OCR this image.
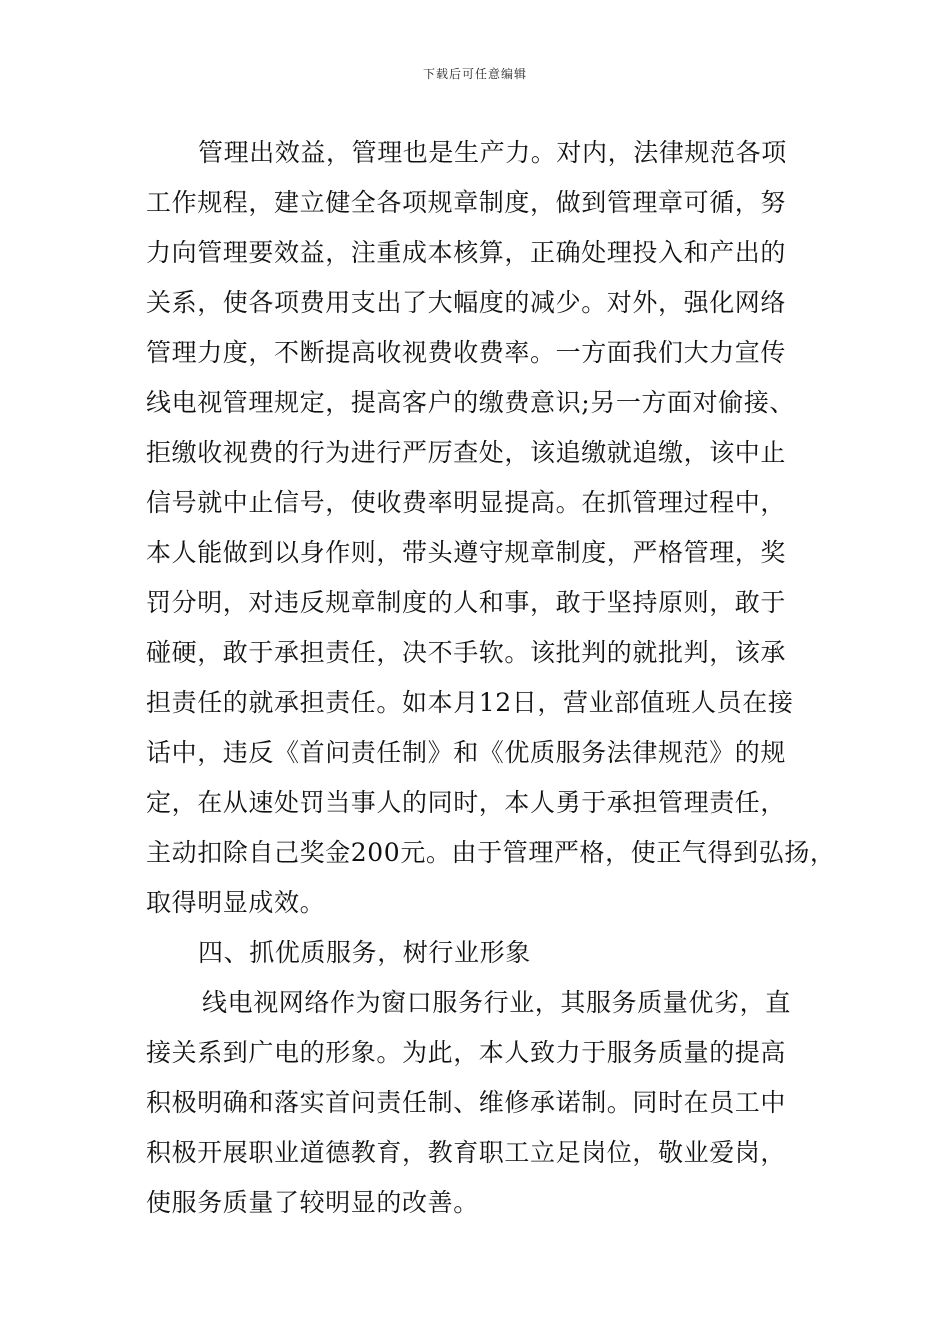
下载后可任意编辑
管理出效益，管理也是生产力。对内，法律规范各项
工作规程，建立健全各项规章制度，做到管理章可循，努
力向管理要效益，注重成本核算，正确处理投入和产出的
关系，使各项费用支出了大幅度的减少。对外，强化网络
管理力度，不断提高收视费收费率。一方面我们大力宣传
线电视管理规定，提高客户的缴费意识;另一方面对偷接、
拒缴收视费的行为进行严厉查处，该追缴就追缴，该中止
信号就中止信号，使收费率明显提高。在抓管理过程中，
本人能做到以身作则，带头遵守规章制度，严格管理，奖
罚分明，对违反规章制度的人和事，敢于坚持原则，敢于
碰硬，敢于承担责任，决不手软。该批判的就批判，该承
担责任的就承担责任。如本月12日，营业部值班人员在接
话中，违反《首问责任制》和《优质服务法律规范》的规
定，在从速处罚当事人的同时，本人勇于承担管理责任，
主动扣除自己奖金200元。由于管理严格，使正气得到弘扬，
取得明显成效。
四、抓优质服务，树行业形象
线电视网络作为窗口服务行业，其服务质量优劣，直
接关系到广电的形象。为此，本人致力于服务质量的提高
积极明确和落实首问责任制、维修承诺制。同时在员工中
积极开展职业道德教育，教育职工立足岗位，敬业爱岗，
使服务质量了较明显的改善。
